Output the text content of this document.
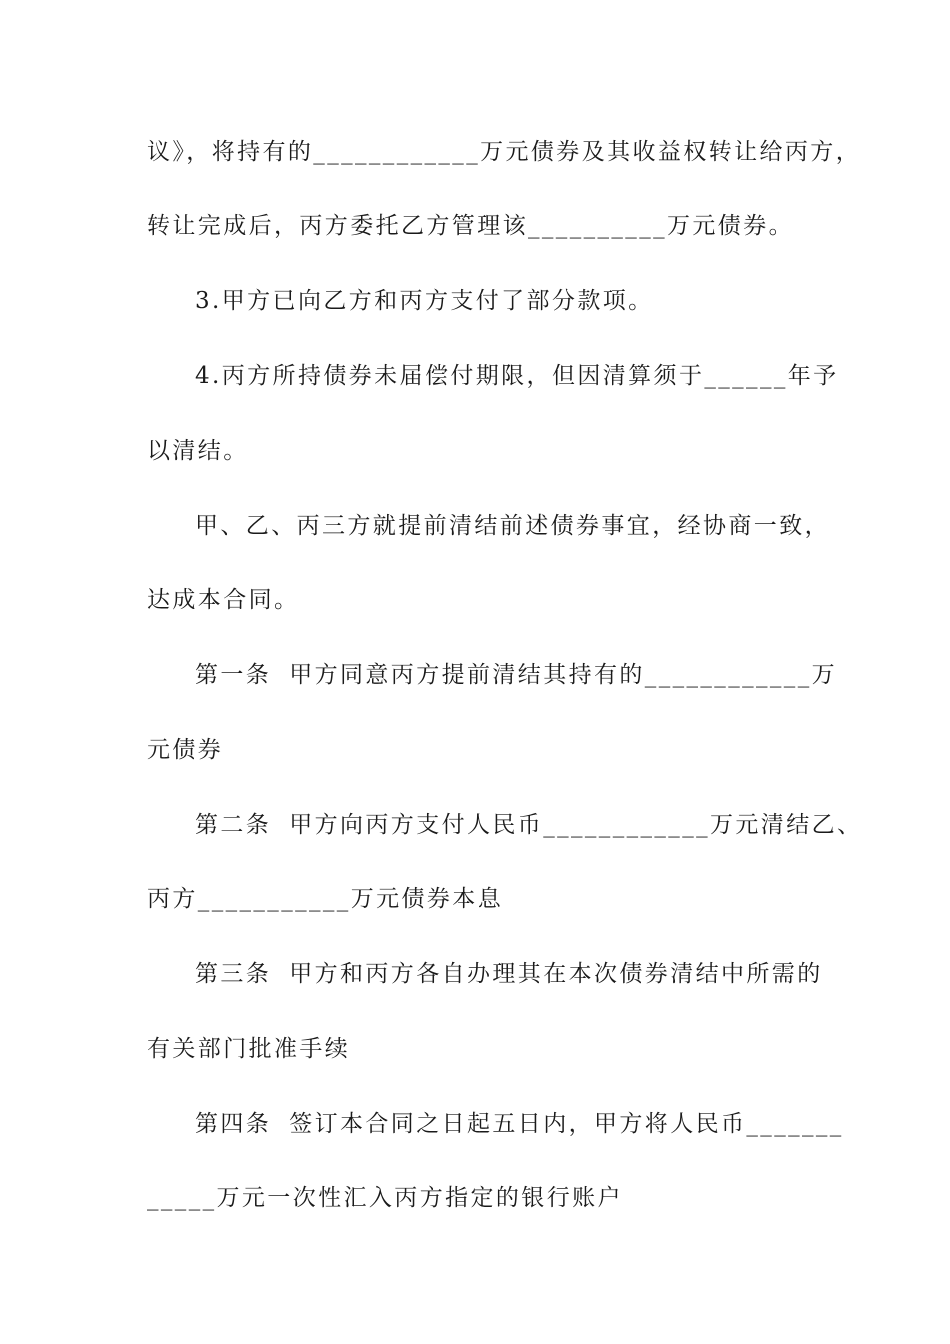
议》，将持有的____________万元债券及其收益权转让给丙方，
转让完成后，丙方委托乙方管理该__________万元债券。
3.甲方已向乙方和丙方支付了部分款项。
4.丙方所持债券未届偿付期限，但因清算须于______年予
以清结。
甲、乙、丙三方就提前清结前述债券事宜，经协商一致，
达成本合同。
第一条 甲方同意丙方提前清结其持有的____________万
元债券
第二条 甲方向丙方支付人民币____________万元清结乙、
丙方___________万元债券本息
第三条 甲方和丙方各自办理其在本次债券清结中所需的
有关部门批准手续
第四条 签订本合同之日起五日内，甲方将人民币_______
_____万元一次性汇入丙方指定的银行账户
